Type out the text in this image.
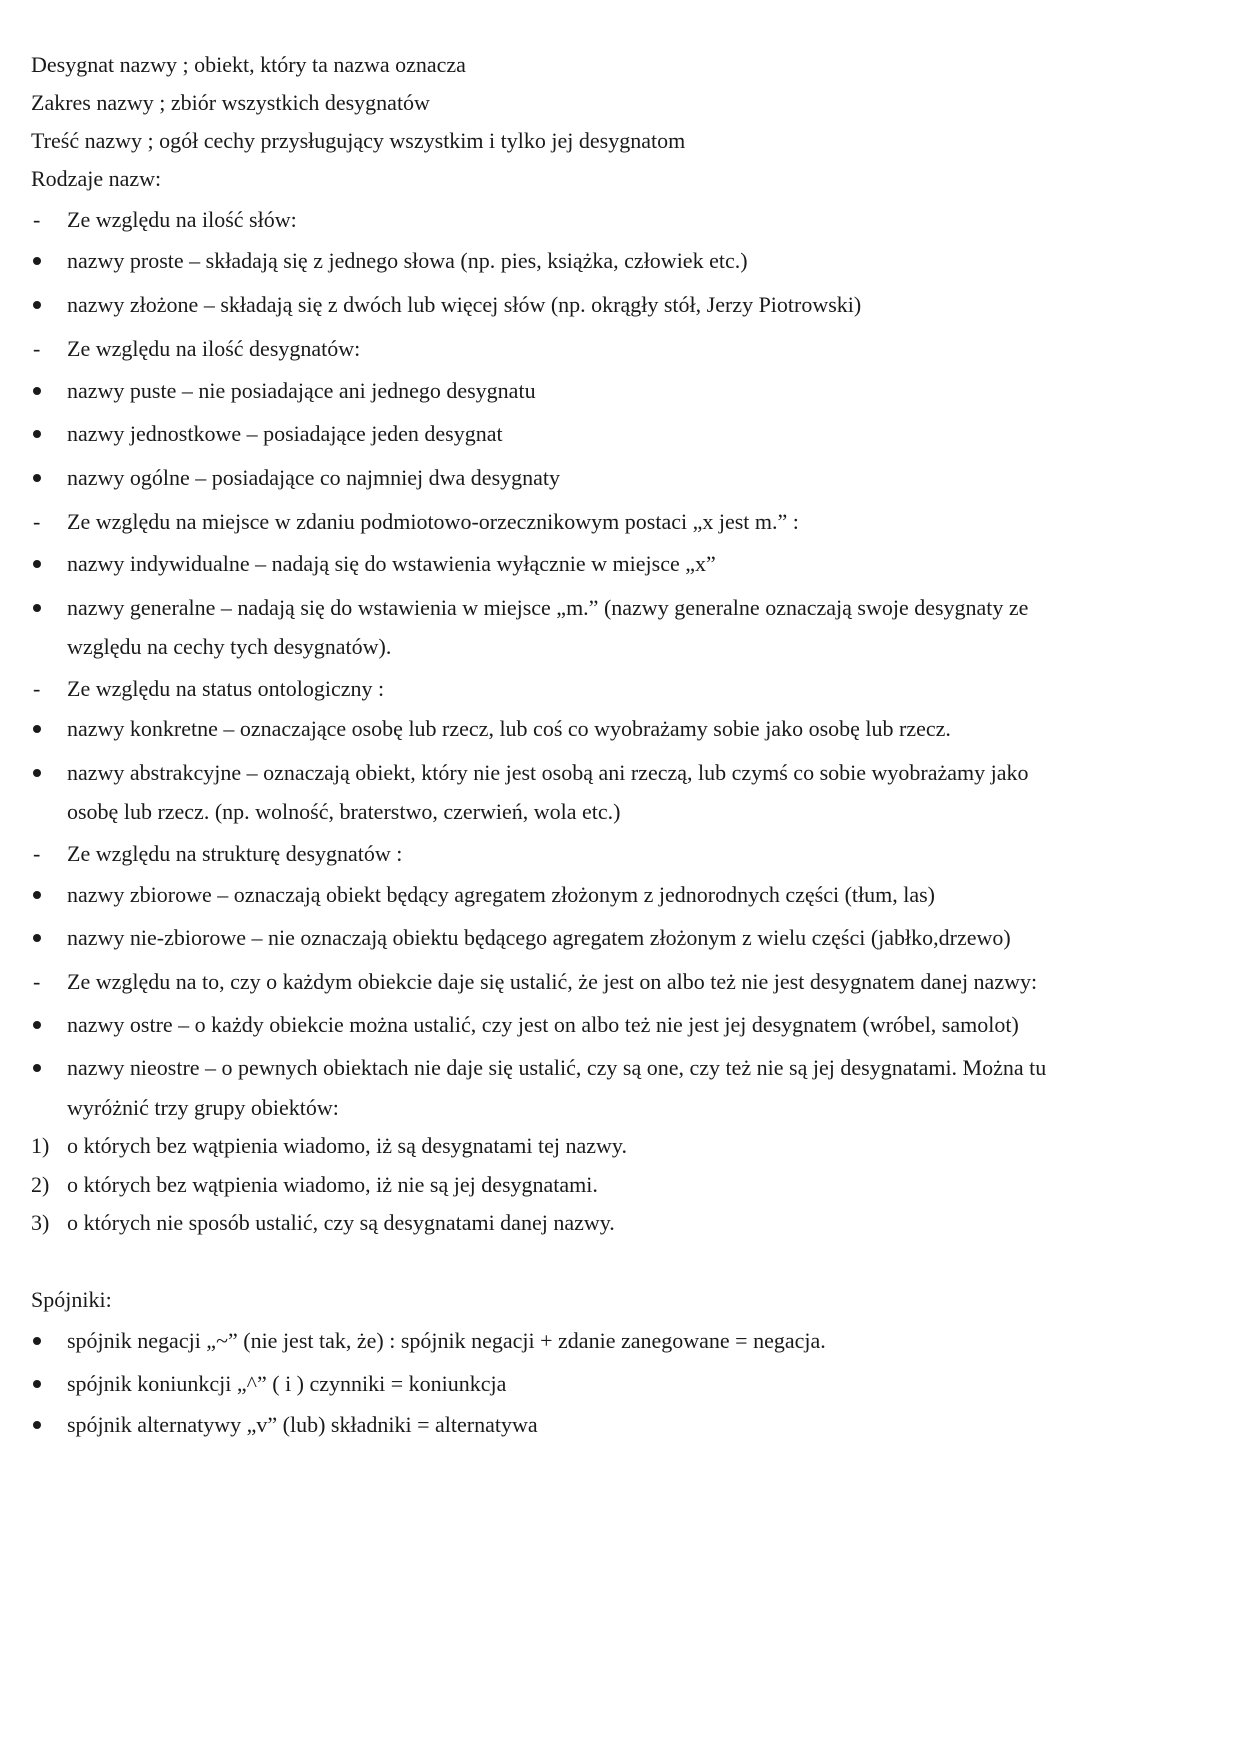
Desygnat nazwy ; obiekt, który ta nazwa oznacza
Zakres nazwy ; zbiór wszystkich desygnatów
Treść nazwy ; ogół cechy przysługujący wszystkim i tylko jej desygnatom
Rodzaje nazw:
-	Ze względu na ilość słów:
nazwy proste – składają się z jednego słowa (np. pies, książka, człowiek etc.)
nazwy złożone – składają się z dwóch lub więcej słów (np. okrągły stół, Jerzy Piotrowski)
-	Ze względu na ilość desygnatów:
nazwy puste – nie posiadające ani jednego desygnatu
nazwy jednostkowe – posiadające jeden desygnat
nazwy ogólne – posiadające co najmniej dwa desygnaty
-	Ze względu na miejsce w zdaniu podmiotowo-orzecznikowym postaci „x jest m.” :
nazwy indywidualne – nadają się do wstawienia wyłącznie w miejsce „x”
nazwy generalne – nadają się do wstawienia w miejsce „m.” (nazwy generalne oznaczają swoje desygnaty ze
względu na cechy tych desygnatów).
-	Ze względu na status ontologiczny :
nazwy konkretne – oznaczające osobę lub rzecz, lub coś co wyobrażamy sobie jako osobę lub rzecz.
nazwy abstrakcyjne – oznaczają obiekt, który nie jest osobą ani rzeczą, lub czymś co sobie wyobrażamy jako
osobę lub rzecz. (np. wolność, braterstwo, czerwień, wola etc.)
-	Ze względu na strukturę desygnatów :
nazwy zbiorowe – oznaczają obiekt będący agregatem złożonym z jednorodnych części (tłum, las)
nazwy nie-zbiorowe – nie oznaczają obiektu będącego agregatem złożonym z wielu części (jabłko,drzewo)
-	Ze względu na to, czy o każdym obiekcie daje się ustalić, że jest on albo też nie jest desygnatem danej nazwy:
nazwy ostre – o każdy obiekcie można ustalić, czy jest on albo też nie jest jej desygnatem (wróbel, samolot)
nazwy nieostre – o pewnych obiektach nie daje się ustalić, czy są one, czy też nie są jej desygnatami. Można tu
wyróżnić trzy grupy obiektów:
1) o których bez wątpienia wiadomo, iż są desygnatami tej nazwy.
2) o których bez wątpienia wiadomo, iż nie są jej desygnatami.
3) o których nie sposób ustalić, czy są desygnatami danej nazwy.
Spójniki:
spójnik negacji „~” (nie jest tak, że) : spójnik negacji + zdanie zanegowane = negacja.
spójnik koniunkcji „^” ( i ) czynniki = koniunkcja
spójnik alternatywy „v” (lub) składniki = alternatywa
